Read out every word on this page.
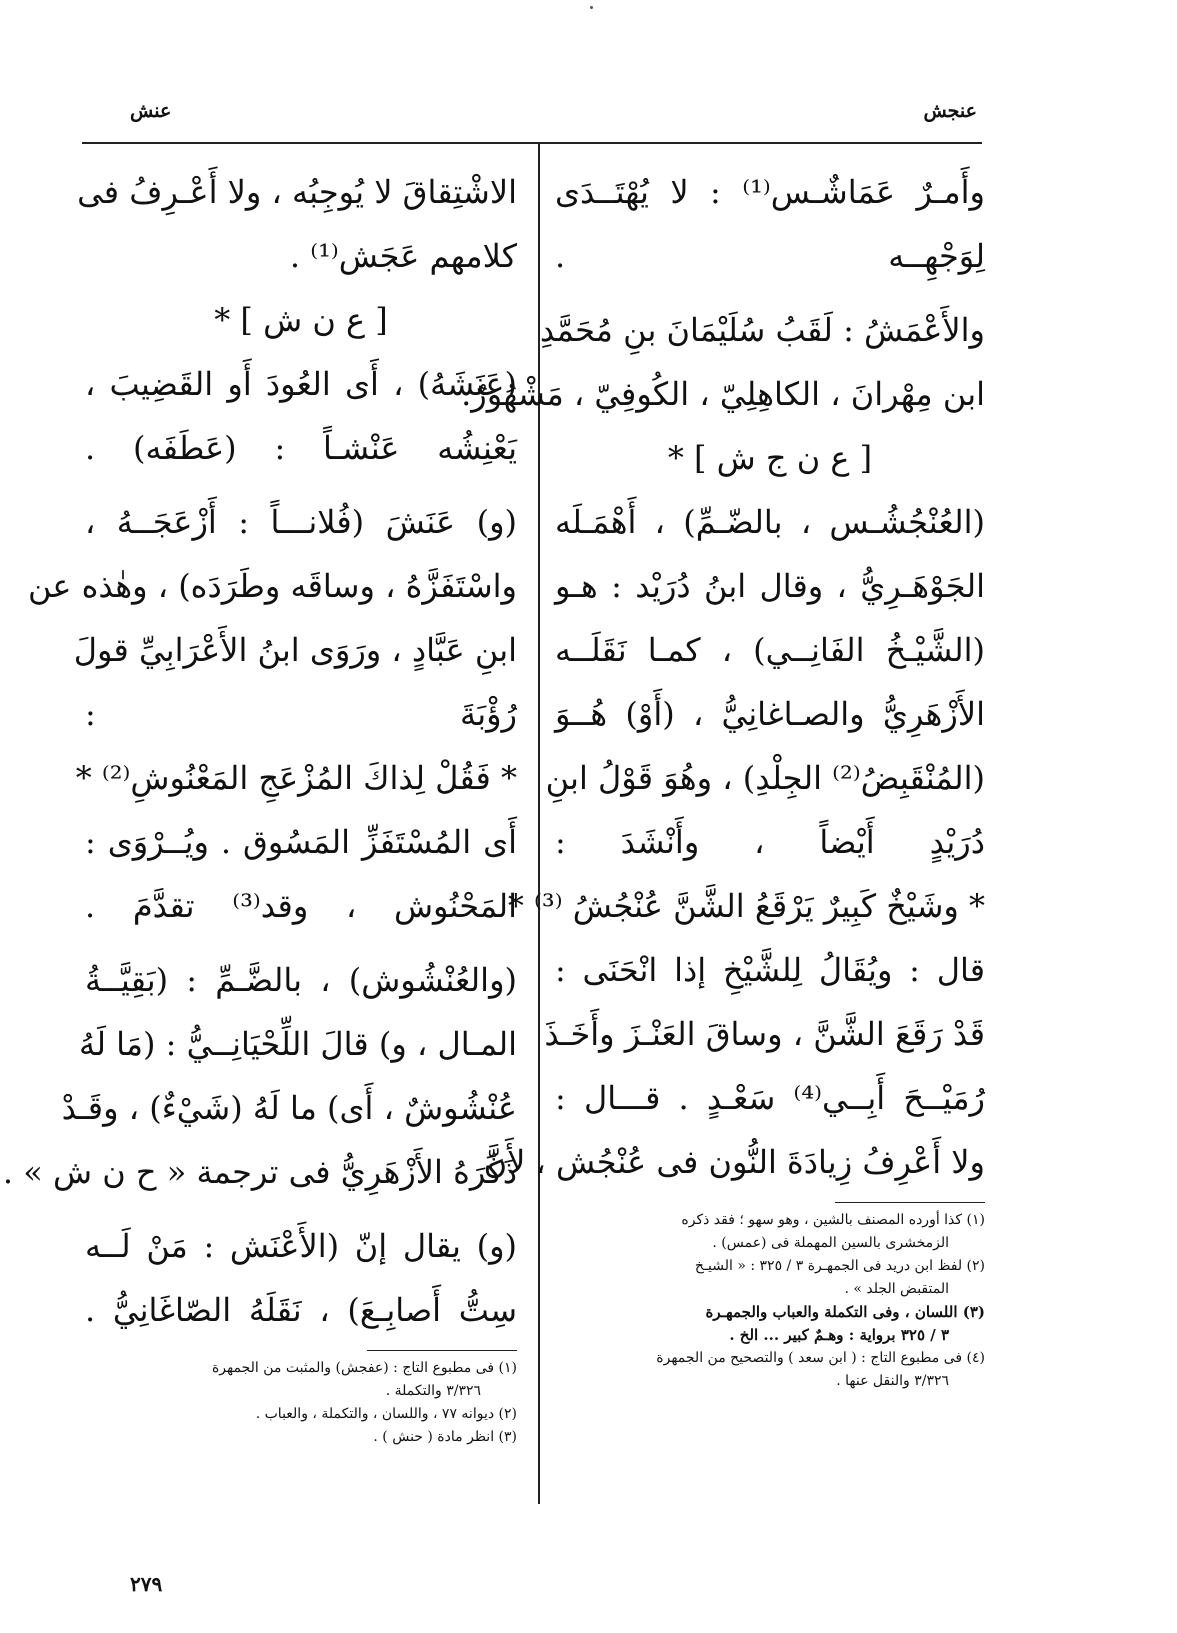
عنجش
عنش
وأَمـرٌ عَمَاشٌـس⁽¹⁾ : لا يُهْتَــدَى
لِوَجْهِــه .
والأَعْمَشُ : لَقَبُ سُلَيْمَانَ بنِ مُحَمَّدِ
ابن مِهْرانَ ، الكاهِلِيّ ، الكُوفِيّ ، مَشْهُورٌ.
[ ع ن ج ش ] *
(العُنْجُشُـس ، بالضّـمِّ) ، أَهْمَـلَه
الجَوْهَـرِيُّ ، وقال ابنُ دُرَيْد : هـو
(الشَّيْـخُ الفَانِــي) ، كمـا نَقَلَــه
الأَزْهَرِيُّ والصـاغانِيُّ ، (أَوْ) هُــوَ
(المُنْقَبِضُ⁽²⁾ الجِلْدِ) ، وهُوَ قَوْلُ ابنِ
دُرَيْدٍ أَيْضاً ، وأَنْشَدَ :
* وشَيْخٌ كَبِيرٌ يَرْقَعُ الشَّنَّ عُنْجُشُ ⁽³⁾ *
قال : ويُقَالُ لِلشَّيْخِ إذا انْحَنَى :
قَدْ رَقَعَ الشَّنَّ ، وساقَ العَنْـزَ وأَخَـذَ
رُمَيْــحَ أَبِــي⁽⁴⁾ سَعْـدٍ . قـــال :
ولا أَعْرِفُ زِيادَةَ النُّون فى عُنْجُش ، لأَنَّ
(١) كذا أورده المصنف بالشين ، وهو سهو ؛ فقد ذكره
الزمخشرى بالسين المهملة فى (عمس) .
(٢) لفظ ابن دريد فى الجمهـرة ٣ / ٣٢٥ : « الشيـخ
المتقبض الجلد » .
(٣) اللسان ، وفى التكملة والعباب والجمهـرة
٣ / ٣٢٥ برواية : وهـمٌ كبير ... الخ .
(٤) فى مطبوع التاج : ( ابن سعد ) والتصحيح من الجمهرة
٣/٣٢٦ والنقل عنها .
الاشْتِقاقَ لا يُوجِبُه ، ولا أَعْـرِفُ فى
كلامهم عَجَش⁽¹⁾ .
[ ع ن ش ] *
(عَنَشَهُ) ، أَى العُودَ أَو القَضِيبَ ،
يَعْنِشُه عَنْشـاً : (عَطَفَه) .
(و) عَنَشَ (فُلانـــاً : أَزْعَجَــهُ ،
واسْتَفَزَّهُ ، وساقَه وطَرَدَه) ، وهٰذه عن
ابنِ عَبَّادٍ ، ورَوَى ابنُ الأَعْرَابِيِّ قولَ
رُؤْبَةَ :
* فَقُلْ لِذاكَ المُزْعَجِ المَعْنُوشِ⁽²⁾ *
أَى المُسْتَفَزِّ المَسُوق . ويُــرْوَى :
المَحْنُوش ، وقد⁽³⁾ تقدَّمَ .
(والعُنْشُوش) ، بالضَّـمِّ : (بَقِيَّــةُ
المـال ، و) قالَ اللِّحْيَانِــيُّ : (مَا لَهُ
عُنْشُوشٌ ، أَى) ما لَهُ (شَيْءٌ) ، وقَـدْ
ذَكَرَهُ الأَزْهَرِيُّ فى ترجمة « ح ن ش » .
(و) يقال إنّ (الأَعْنَش : مَنْ لَــه
سِتُّ أَصابِـعَ) ، نَقَلَهُ الصّاغَانِيُّ .
(١) فى مطبوع التاج : (عفجش) والمثبت من الجمهرة
٣/٣٢٦ والتكملة .
(٢) ديوانه ٧٧ ، واللسان ، والتكملة ، والعباب .
(٣) انظر مادة ( حنش ) .
٢٧٩
